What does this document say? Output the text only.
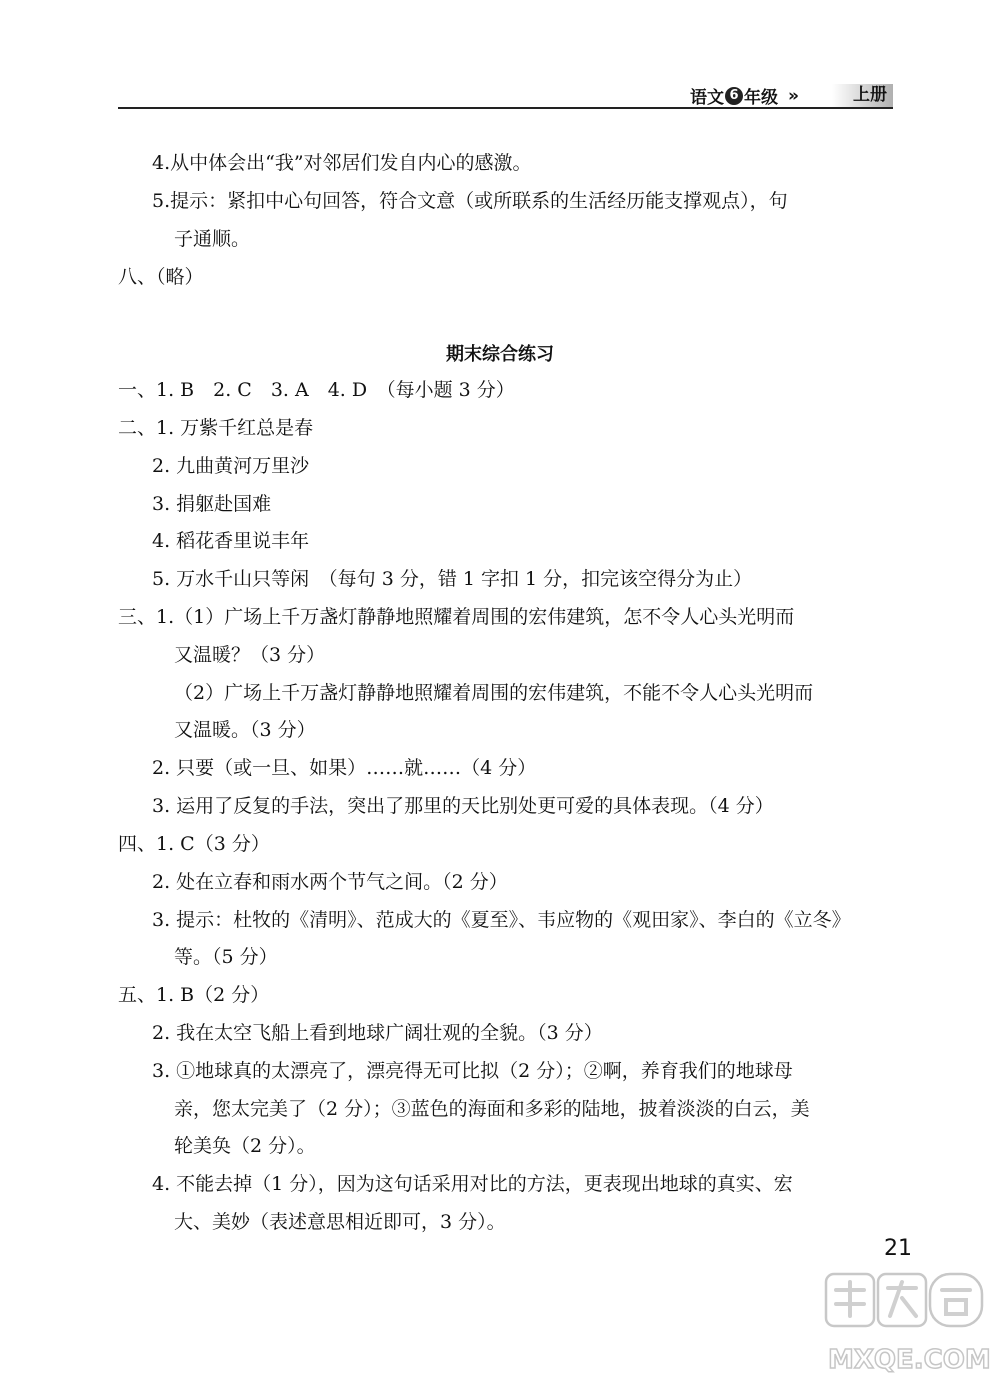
语文 6 年级 »	上册
4.从中体会出“我”对邻居们发自内心的感激。
5.提示：紧扣中心句回答，符合文意（或所联系的生活经历能支撑观点），句
子通顺。
八、（略）
期末综合练习
一、1. B　2. C　3. A　4. D　（每小题 3 分）
二、1. 万紫千红总是春
2. 九曲黄河万里沙
3. 捐躯赴国难
4. 稻花香里说丰年
5. 万水千山只等闲　（每句 3 分，错 1 字扣 1 分，扣完该空得分为止）
三、1.（1）广场上千万盏灯静静地照耀着周围的宏伟建筑，怎不令人心头光明而
又温暖？（3 分）
（2）广场上千万盏灯静静地照耀着周围的宏伟建筑，不能不令人心头光明而
又温暖。（3 分）
2. 只要（或一旦、如果）……就……（4 分）
3. 运用了反复的手法，突出了那里的天比别处更可爱的具体表现。（4 分）
四、1. C（3 分）
2. 处在立春和雨水两个节气之间。（2 分）
3. 提示：杜牧的《清明》、范成大的《夏至》、韦应物的《观田家》、李白的《立冬》
等。（5 分）
五、1. B（2 分）
2. 我在太空飞船上看到地球广阔壮观的全貌。（3 分）
3. ①地球真的太漂亮了，漂亮得无可比拟（2 分）；②啊，养育我们的地球母
亲，您太完美了（2 分）；③蓝色的海面和多彩的陆地，披着淡淡的白云，美
轮美奂（2 分）。
4. 不能去掉（1 分），因为这句话采用对比的方法，更表现出地球的真实、宏
大、美妙（表述意思相近即可，3 分）。
21
MXQE.COM
